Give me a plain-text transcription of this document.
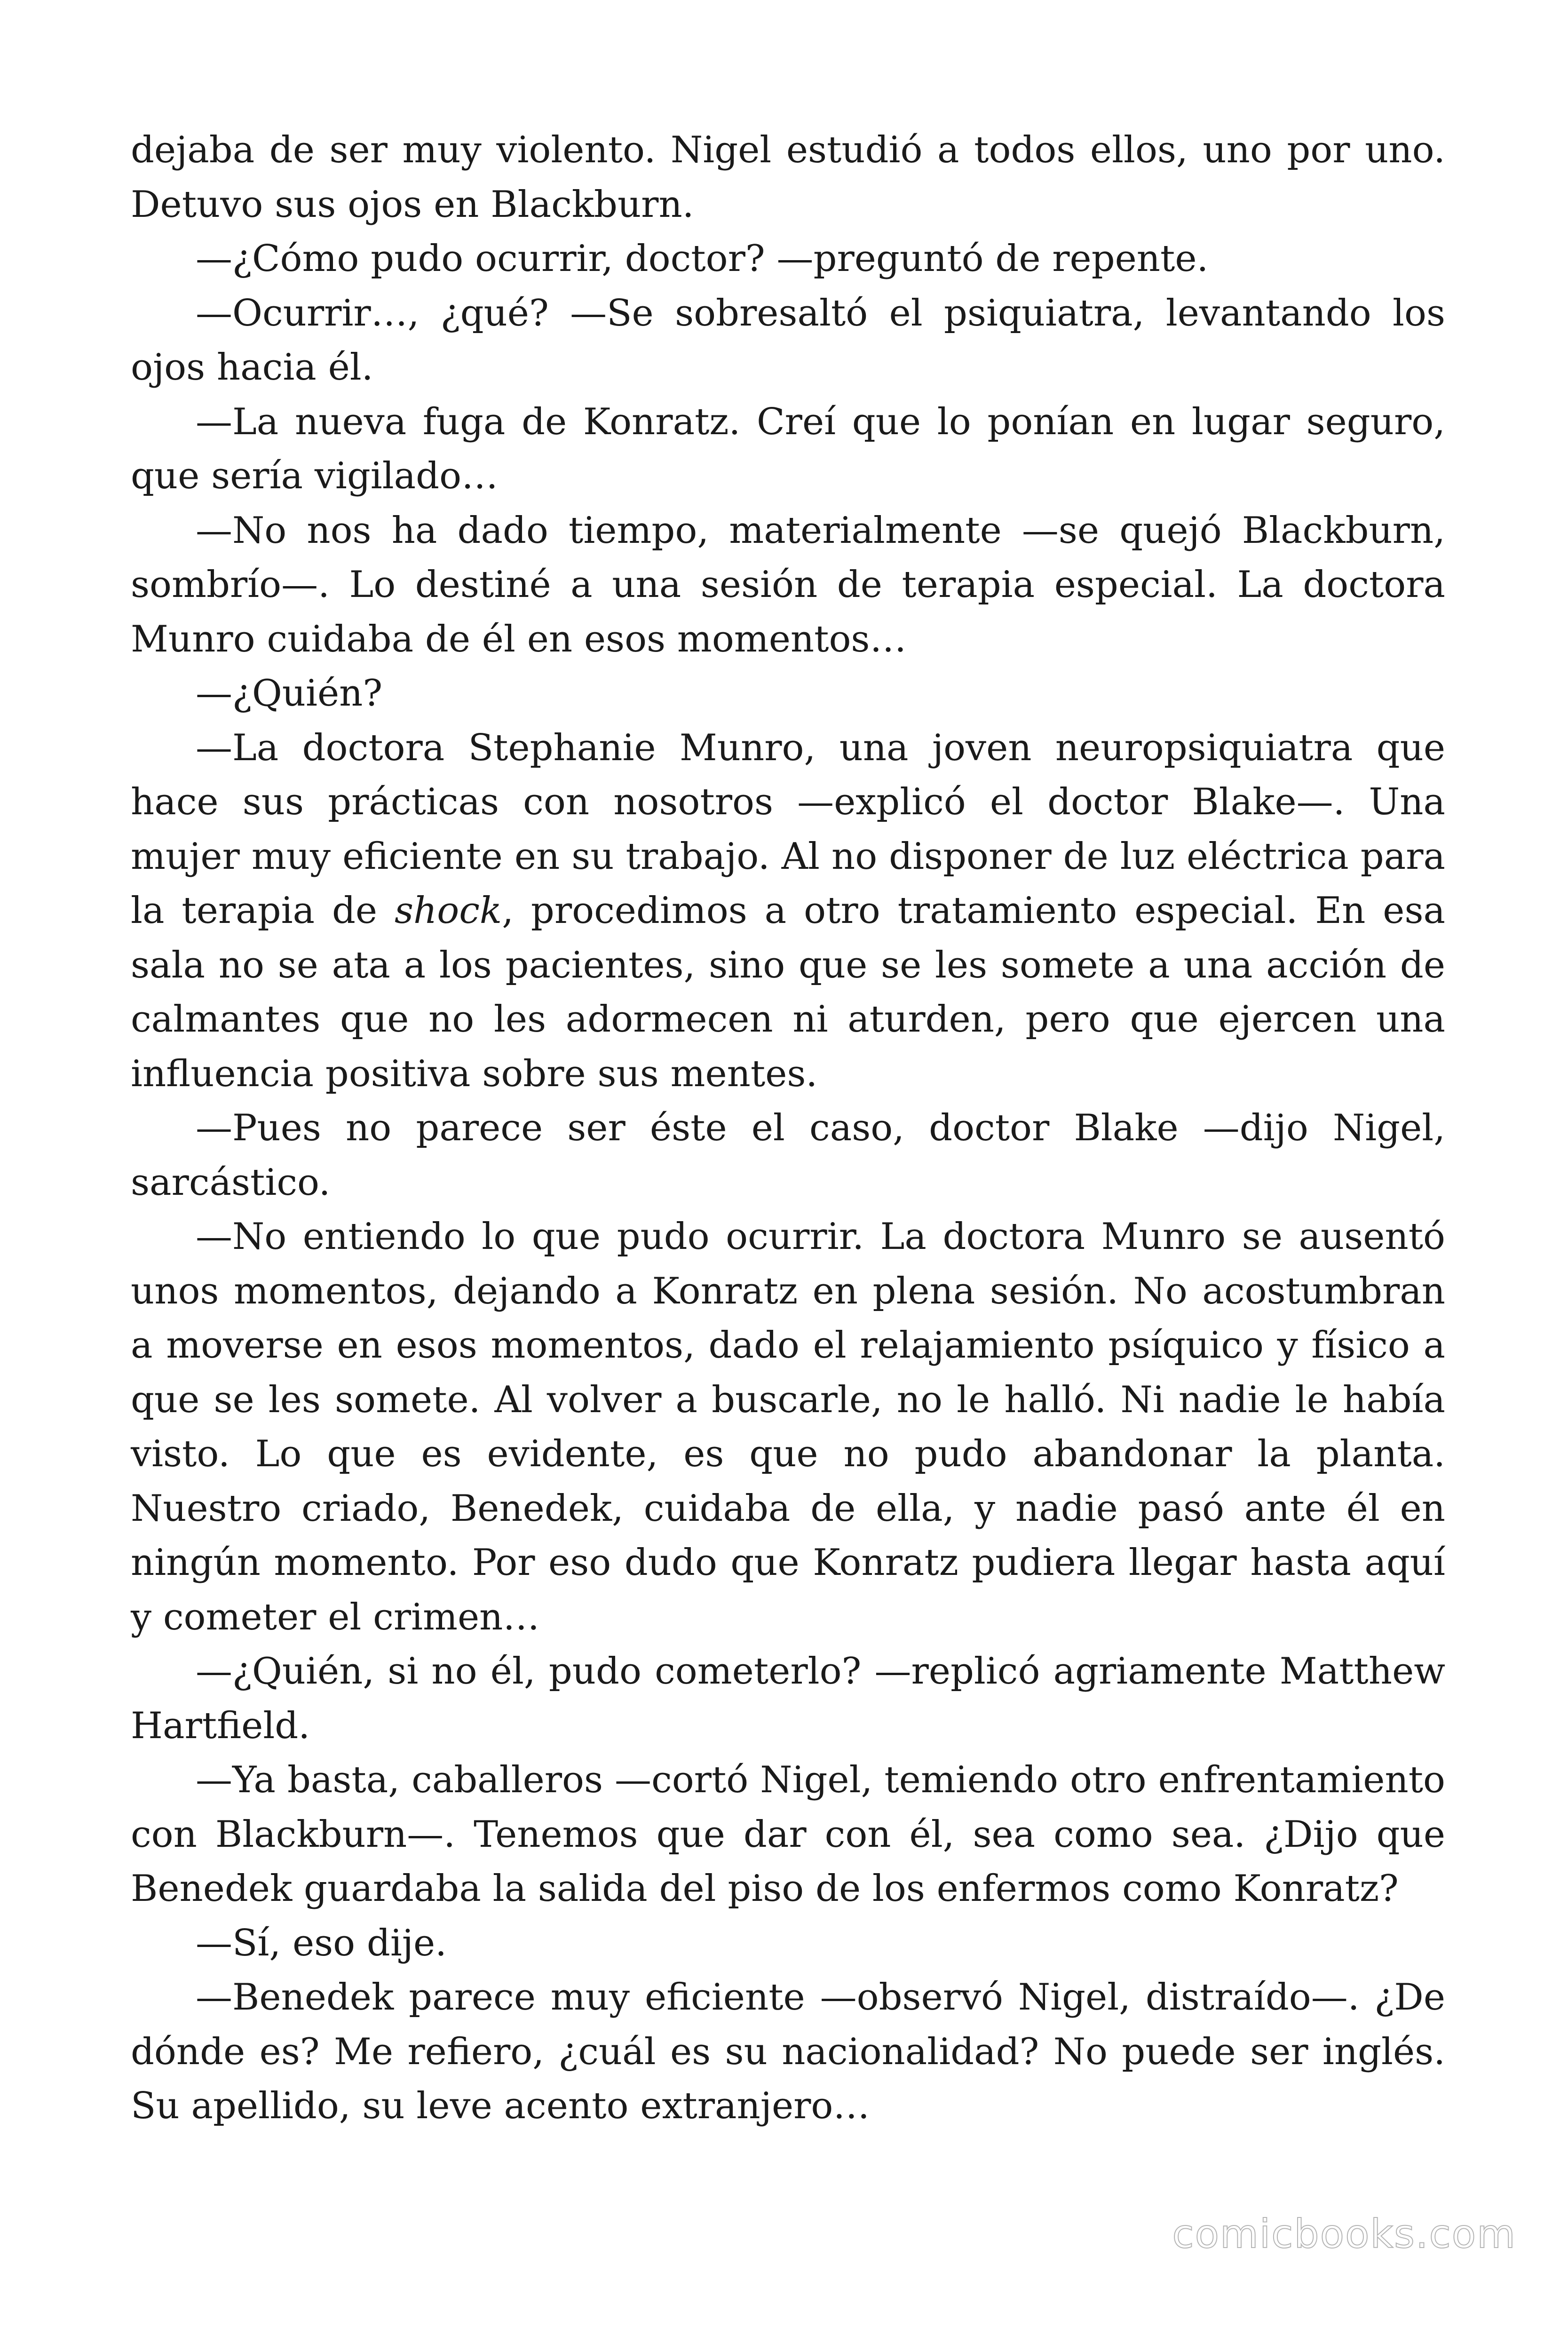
dejaba de ser muy violento. Nigel estudió a todos ellos, uno por uno. Detuvo sus ojos en Blackburn.

—¿Cómo pudo ocurrir, doctor? —preguntó de repente.

—Ocurrir…, ¿qué? —Se sobresaltó el psiquiatra, levantando los ojos hacia él.

—La nueva fuga de Konratz. Creí que lo ponían en lugar seguro, que sería vigilado…

—No nos ha dado tiempo, materialmente —se quejó Blackburn, sombrío—. Lo destiné a una sesión de terapia especial. La doctora Munro cuidaba de él en esos momentos…

—¿Quién?

—La doctora Stephanie Munro, una joven neuropsiquiatra que hace sus prácticas con nosotros —explicó el doctor Blake—. Una mujer muy eficiente en su trabajo. Al no disponer de luz eléctrica para la terapia de shock, procedimos a otro tratamiento especial. En esa sala no se ata a los pacientes, sino que se les somete a una acción de calmantes que no les adormecen ni aturden, pero que ejercen una influencia positiva sobre sus mentes.

—Pues no parece ser éste el caso, doctor Blake —dijo Nigel, sarcástico.

—No entiendo lo que pudo ocurrir. La doctora Munro se ausentó unos momentos, dejando a Konratz en plena sesión. No acostumbran a moverse en esos momentos, dado el relajamiento psíquico y físico a que se les somete. Al volver a buscarle, no le halló. Ni nadie le había visto. Lo que es evidente, es que no pudo abandonar la planta. Nuestro criado, Benedek, cuidaba de ella, y nadie pasó ante él en ningún momento. Por eso dudo que Konratz pudiera llegar hasta aquí y cometer el crimen…

—¿Quién, si no él, pudo cometerlo? —replicó agriamente Matthew Hartfield.

—Ya basta, caballeros —cortó Nigel, temiendo otro enfrentamiento con Blackburn—. Tenemos que dar con él, sea como sea. ¿Dijo que Benedek guardaba la salida del piso de los enfermos como Konratz?

—Sí, eso dije.

—Benedek parece muy eficiente —observó Nigel, distraído—. ¿De dónde es? Me refiero, ¿cuál es su nacionalidad? No puede ser inglés. Su apellido, su leve acento extranjero…

comicbooks.com
